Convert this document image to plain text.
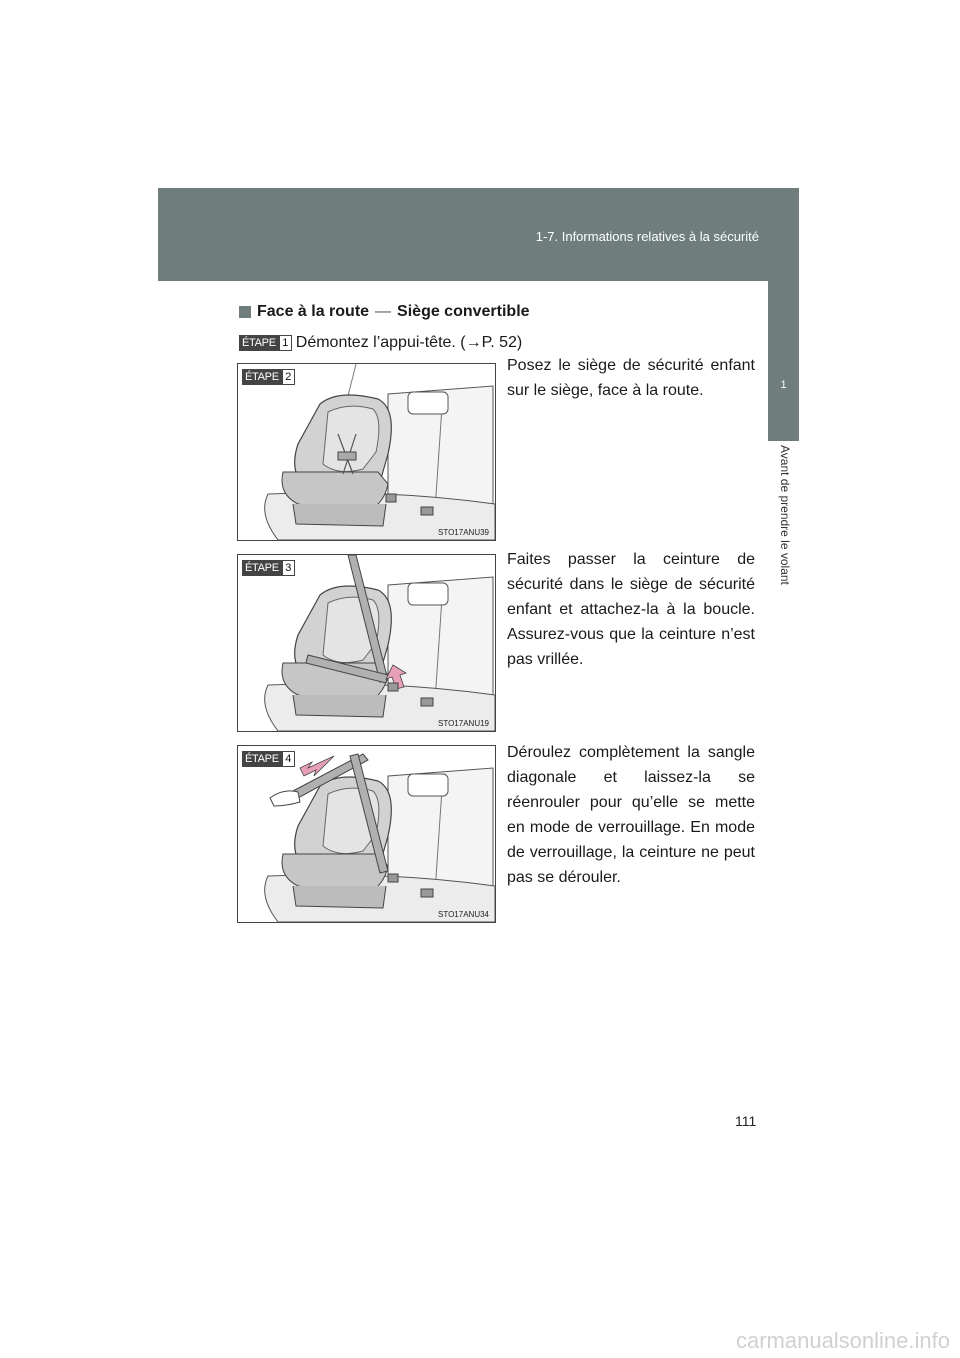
1-7. Informations relatives à la sécurité
1
Avant de prendre le volant
Face à la route — Siège convertible
ÉTAPE 1 Démontez l’appui-tête. (→P. 52)
ÉTAPE 2
STO17ANU39
Posez le siège de sécurité enfant sur le siège, face à la route.
ÉTAPE 3
STO17ANU19
Faites passer la ceinture de sécurité dans le siège de sécurité enfant et attachez-la à la boucle. Assurez-vous que la ceinture n’est pas vrillée.
ÉTAPE 4
STO17ANU34
Déroulez complètement la sangle diagonale et laissez-la se réenrouler pour qu’elle se mette en mode de verrouillage. En mode de verrouillage, la ceinture ne peut pas se dérouler.
111
carmanualsonline.info
